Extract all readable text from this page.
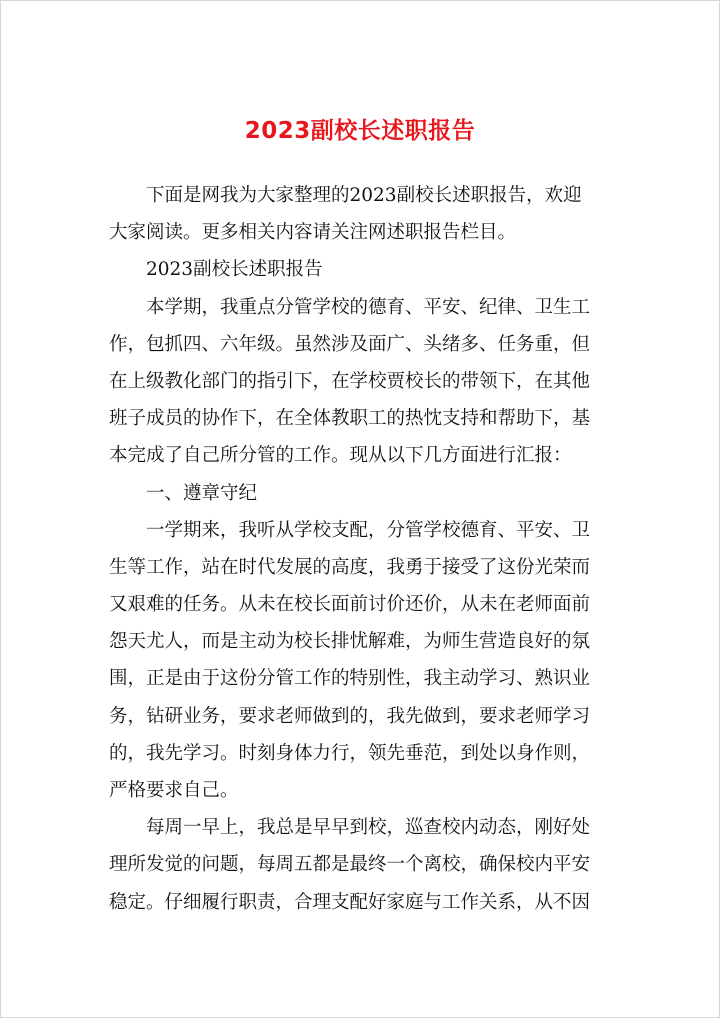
2023副校长述职报告
下面是网我为大家整理的2023副校长述职报告，欢迎
大家阅读。更多相关内容请关注网述职报告栏目。
2023副校长述职报告
本学期，我重点分管学校的德育、平安、纪律、卫生工
作，包抓四、六年级。虽然涉及面广、头绪多、任务重，但
在上级教化部门的指引下，在学校贾校长的带领下，在其他
班子成员的协作下，在全体教职工的热忱支持和帮助下，基
本完成了自己所分管的工作。现从以下几方面进行汇报：
一、遵章守纪
一学期来，我听从学校支配，分管学校德育、平安、卫
生等工作，站在时代发展的高度，我勇于接受了这份光荣而
又艰难的任务。从未在校长面前讨价还价，从未在老师面前
怨天尤人，而是主动为校长排忧解难，为师生营造良好的氛
围，正是由于这份分管工作的特别性，我主动学习、熟识业
务，钻研业务，要求老师做到的，我先做到，要求老师学习
的，我先学习。时刻身体力行，领先垂范，到处以身作则，
严格要求自己。
每周一早上，我总是早早到校，巡查校内动态，刚好处
理所发觉的问题，每周五都是最终一个离校，确保校内平安
稳定。仔细履行职责，合理支配好家庭与工作关系，从不因
